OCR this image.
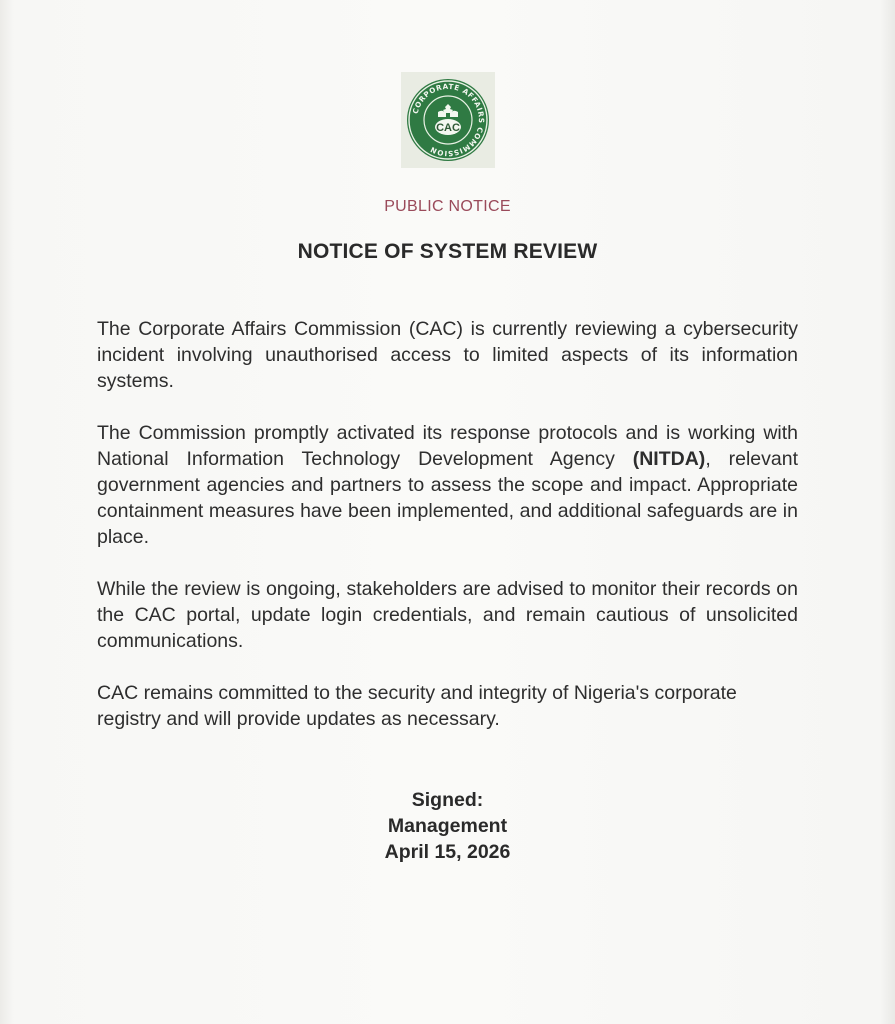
CORPORATE AFFAIRS COMMISSION
CAC
PUBLIC NOTICE
NOTICE OF SYSTEM REVIEW

The Corporate Affairs Commission (CAC) is currently reviewing a cybersecurity incident involving unauthorised access to limited aspects of its information systems.

The Commission promptly activated its response protocols and is working with National Information Technology Development Agency (NITDA), relevant government agencies and partners to assess the scope and impact. Appropriate containment measures have been implemented, and additional safeguards are in place.

While the review is ongoing, stakeholders are advised to monitor their records on the CAC portal, update login credentials, and remain cautious of unsolicited communications.

CAC remains committed to the security and integrity of Nigeria's corporate registry and will provide updates as necessary.

Signed:
Management
April 15, 2026
